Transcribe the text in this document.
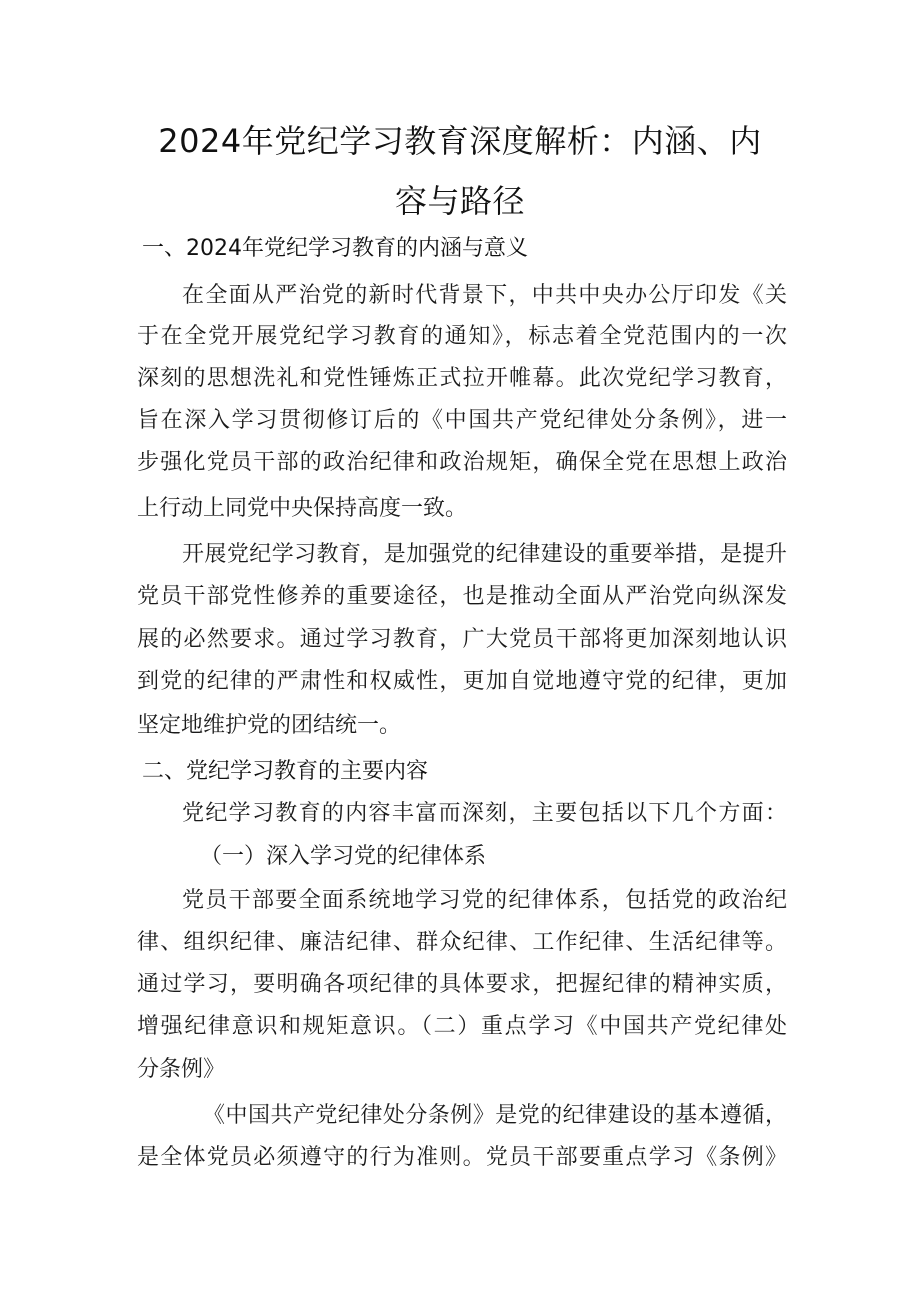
2024年党纪学习教育深度解析：内涵、内
容与路径
一、2024年党纪学习教育的内涵与意义
在全面从严治党的新时代背景下，中共中央办公厅印发《关
于在全党开展党纪学习教育的通知》，标志着全党范围内的一次
深刻的思想洗礼和党性锤炼正式拉开帷幕。此次党纪学习教育，
旨在深入学习贯彻修订后的《中国共产党纪律处分条例》，进一
步强化党员干部的政治纪律和政治规矩，确保全党在思想上政治
上行动上同党中央保持高度一致。
开展党纪学习教育，是加强党的纪律建设的重要举措，是提升
党员干部党性修养的重要途径，也是推动全面从严治党向纵深发
展的必然要求。通过学习教育，广大党员干部将更加深刻地认识
到党的纪律的严肃性和权威性，更加自觉地遵守党的纪律，更加
坚定地维护党的团结统一。
二、党纪学习教育的主要内容
党纪学习教育的内容丰富而深刻，主要包括以下几个方面：
（一）深入学习党的纪律体系
党员干部要全面系统地学习党的纪律体系，包括党的政治纪
律、组织纪律、廉洁纪律、群众纪律、工作纪律、生活纪律等。
通过学习，要明确各项纪律的具体要求，把握纪律的精神实质，
增强纪律意识和规矩意识。（二）重点学习《中国共产党纪律处
分条例》
《中国共产党纪律处分条例》是党的纪律建设的基本遵循，
是全体党员必须遵守的行为准则。党员干部要重点学习《条例》
